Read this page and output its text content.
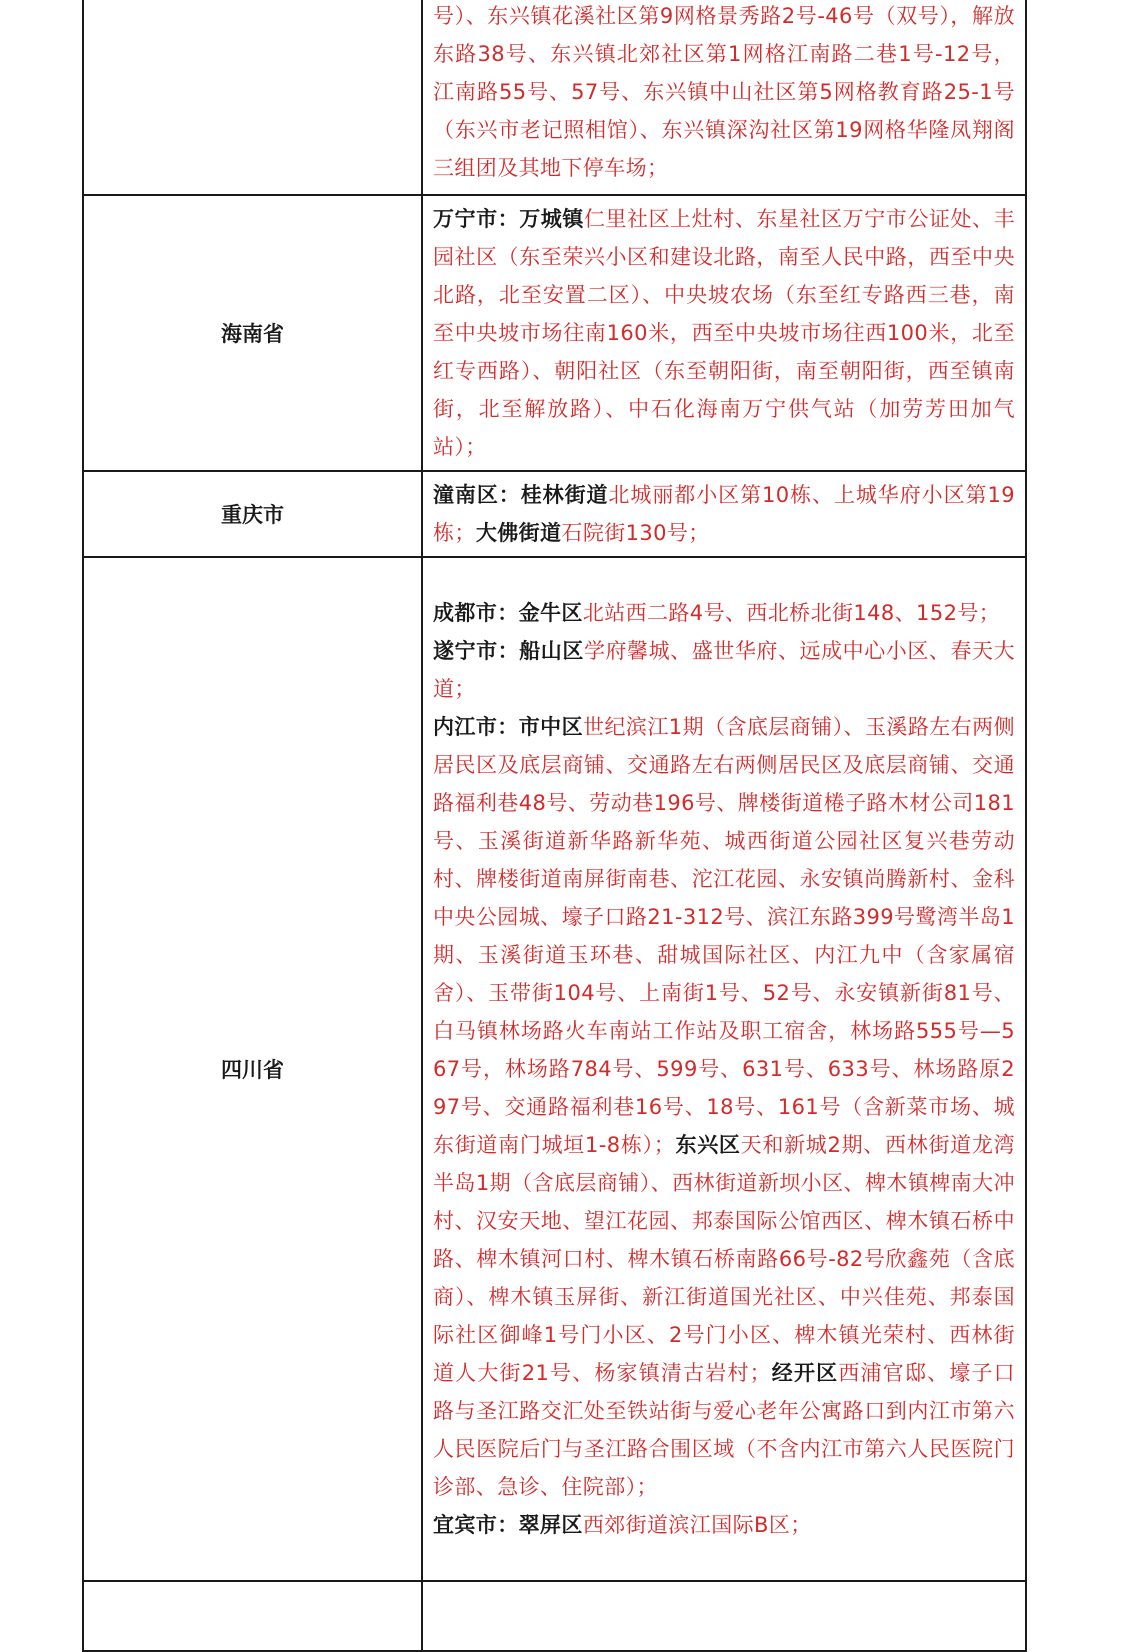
	号）、东兴镇花溪社区第9网格景秀路2号-46号（双号），解放东路38号、东兴镇北郊社区第1网格江南路二巷1号-12号，江南路55号、57号、东兴镇中山社区第5网格教育路25-1号（东兴市老记照相馆）、东兴镇深沟社区第19网格华隆凤翔阁三组团及其地下停车场；

海南省	万宁市：万城镇仁里社区上灶村、东星社区万宁市公证处、丰园社区（东至荣兴小区和建设北路，南至人民中路，西至中央北路，北至安置二区）、中央坡农场（东至红专路西三巷，南至中央坡市场往南160米，西至中央坡市场往西100米，北至红专西路）、朝阳社区（东至朝阳街，南至朝阳街，西至镇南街，北至解放路）、中石化海南万宁供气站（加劳芳田加气站）；

重庆市	潼南区：桂林街道北城丽都小区第10栋、上城华府小区第19栋；大佛街道石院街130号；

四川省	成都市：金牛区北站西二路4号、西北桥北街148、152号；
遂宁市：船山区学府馨城、盛世华府、远成中心小区、春天大道；
内江市：市中区世纪滨江1期（含底层商铺）、玉溪路左右两侧居民区及底层商铺、交通路左右两侧居民区及底层商铺、交通路福利巷48号、劳动巷196号、牌楼街道棬子路木材公司181号、玉溪街道新华路新华苑、城西街道公园社区复兴巷劳动村、牌楼街道南屏街南巷、沱江花园、永安镇尚腾新村、金科中央公园城、壕子口路21-312号、滨江东路399号鹭湾半岛1期、玉溪街道玉环巷、甜城国际社区、内江九中（含家属宿舍）、玉带街104号、上南街1号、52号、永安镇新街81号、白马镇林场路火车南站工作站及职工宿舍，林场路555号—567号，林场路784号、599号、631号、633号、林场路原297号、交通路福利巷16号、18号、161号（含新菜市场、城东街道南门城垣1-8栋）；东兴区天和新城2期、西林街道龙湾半岛1期（含底层商铺）、西林街道新坝小区、椑木镇椑南大冲村、汉安天地、望江花园、邦泰国际公馆西区、椑木镇石桥中路、椑木镇河口村、椑木镇石桥南路66号-82号欣鑫苑（含底商）、椑木镇玉屏街、新江街道国光社区、中兴佳苑、邦泰国际社区御峰1号门小区、2号门小区、椑木镇光荣村、西林街道人大街21号、杨家镇清古岩村；经开区西浦官邸、壕子口路与圣江路交汇处至铁站街与爱心老年公寓路口到内江市第六人民医院后门与圣江路合围区域（不含内江市第六人民医院门诊部、急诊、住院部）；
宜宾市：翠屏区西郊街道滨江国际B区；
